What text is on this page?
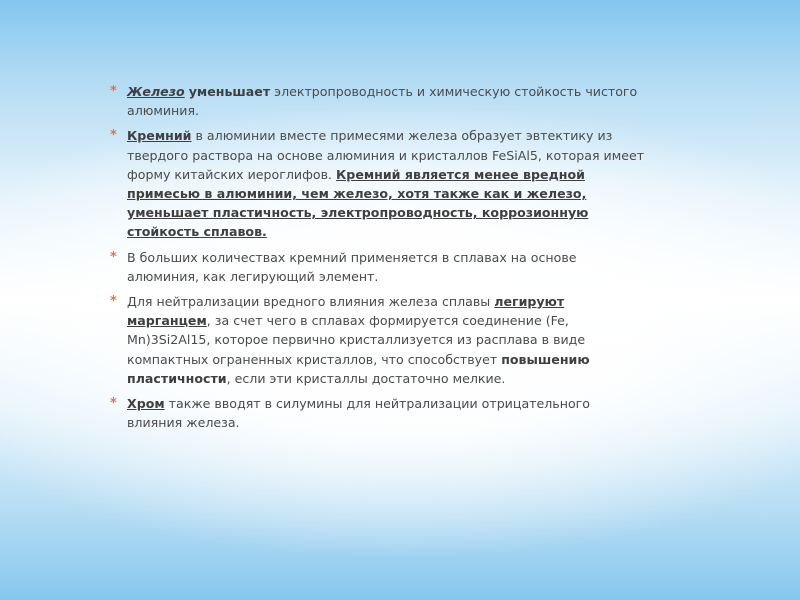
* Железо уменьшает электропроводность и химическую стойкость чистого алюминия.
* Кремний в алюминии вместе примесями железа образует эвтектику из твердого раствора на основе алюминия и кристаллов FeSiAl5, которая имеет форму китайских иероглифов. Кремний является менее вредной примесью в алюминии, чем железо, хотя также как и железо, уменьшает пластичность, электропроводность, коррозионную стойкость сплавов.
* В больших количествах кремний применяется в сплавах на основе алюминия, как легирующий элемент.
* Для нейтрализации вредного влияния железа сплавы легируют марганцем, за счет чего в сплавах формируется соединение (Fe, Mn)3Si2Al15, которое первично кристаллизуется из расплава в виде компактных ограненных кристаллов, что способствует повышению пластичности, если эти кристаллы достаточно мелкие.
* Хром также вводят в силумины для нейтрализации отрицательного влияния железа.
